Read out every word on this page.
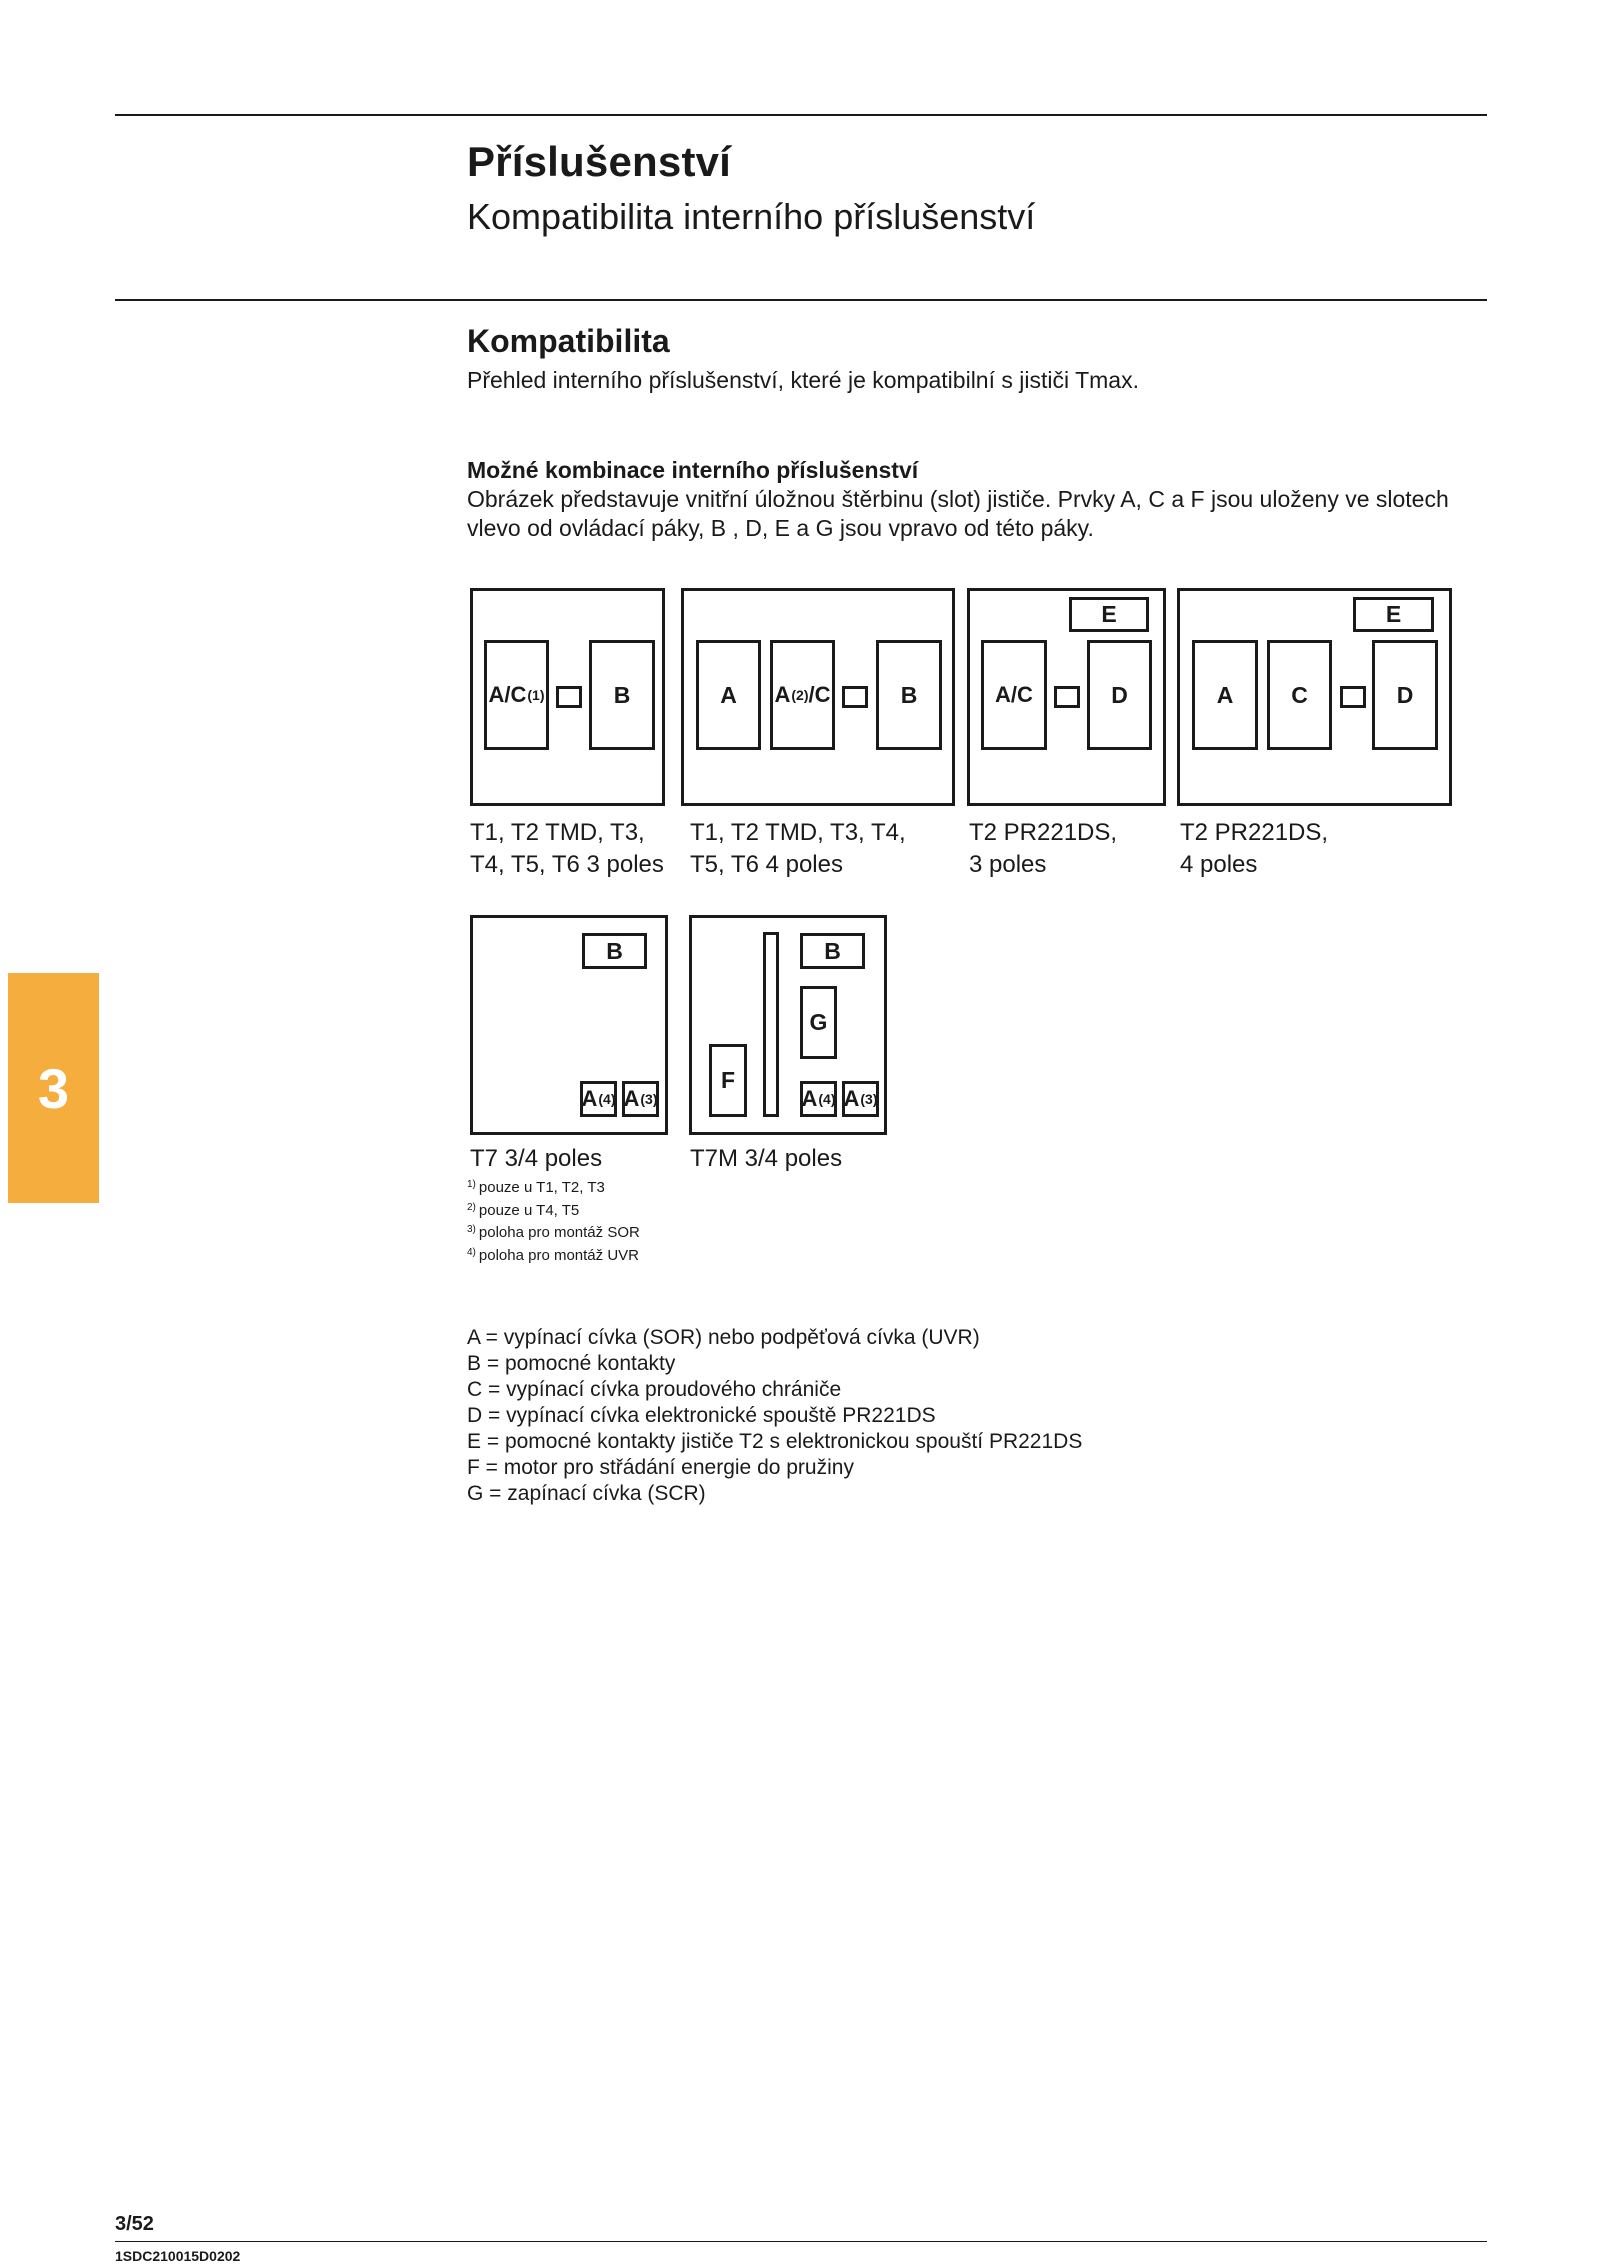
Příslušenství
Kompatibilita interního příslušenství
Kompatibilita
Přehled interního příslušenství, které je kompatibilní s jističi Tmax.
Možné kombinace interního příslušenství
Obrázek představuje vnitřní úložnou štěrbinu (slot) jističe. Prvky A, C a F jsou uloženy ve slotech vlevo od ovládací páky, B , D, E a G jsou vpravo od této páky.
A/C (1)	B
T1, T2 TMD, T3, T4, T5, T6 3 poles
A	A (2) /C	B
T1, T2 TMD, T3, T4, T5, T6 4 poles
E
A/C	D
T2 PR221DS, 3 poles
E
A	C	D
T2 PR221DS, 4 poles
B
A (4) A (3)
T7 3/4 poles
F
B
G
A (4) A (3)
T7M 3/4 poles
$^{1)}$ pouze u T1, T2, T3
$^{2)}$ pouze u T4, T5
$^{3)}$ poloha pro montáž SOR
$^{4)}$ poloha pro montáž UVR
A = vypínací cívka (SOR) nebo podpěťová cívka (UVR)
B = pomocné kontakty
C = vypínací cívka proudového chrániče
D = vypínací cívka elektronické spouště PR221DS
E = pomocné kontakty jističe T2 s elektronickou spouští PR221DS
F = motor pro střádání energie do pružiny
G = zapínací cívka (SCR)
3
3/52
1SDC210015D0202
